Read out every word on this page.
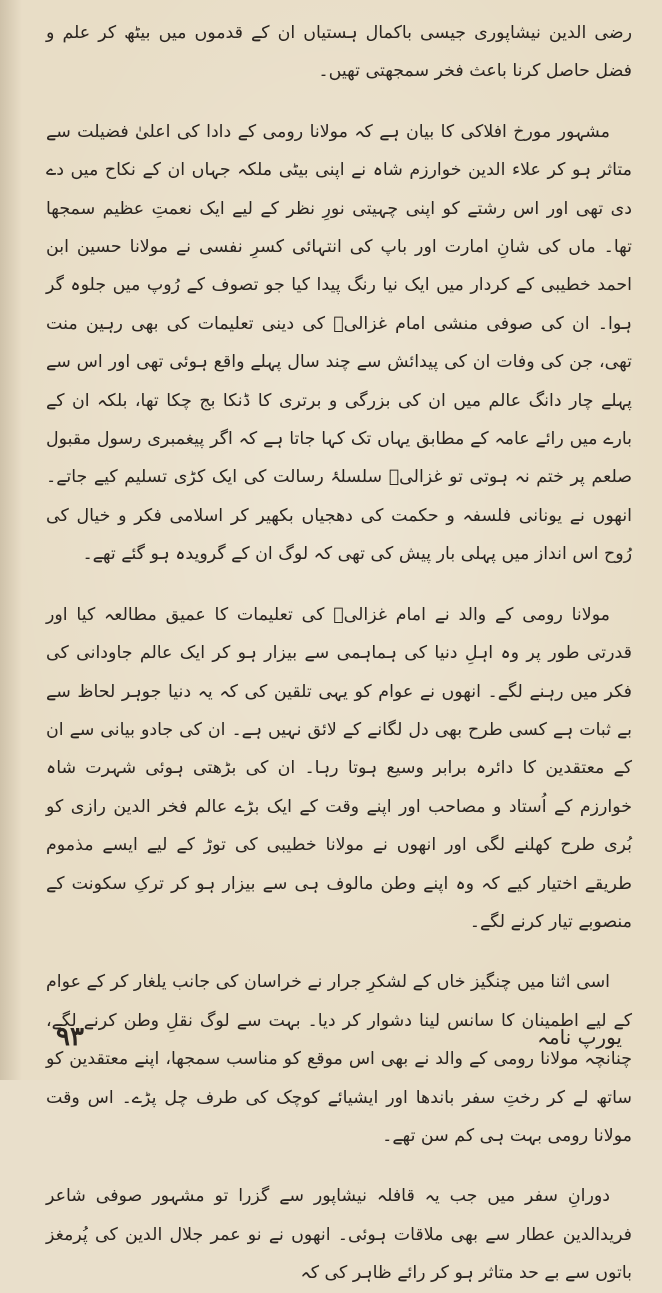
رضی الدین نیشاپوری جیسی باکمال ہستیاں ان کے قدموں میں بیٹھ کر علم و فضل حاصل کرنا باعث فخر سمجھتی تھیں۔

مشہور مورخ افلاکی کا بیان ہے کہ مولانا رومی کے دادا کی اعلیٰ فضیلت سے متاثر ہو کر علاء الدین خوارزم شاہ نے اپنی بیٹی ملکہ جہاں ان کے نکاح میں دے دی تھی اور اس رشتے کو اپنی چہیتی نورِ نظر کے لیے ایک نعمتِ عظیم سمجھا تھا۔ ماں کی شانِ امارت اور باپ کی انتہائی کسرِ نفسی نے مولانا حسین ابن احمد خطیبی کے کردار میں ایک نیا رنگ پیدا کیا جو تصوف کے رُوپ میں جلوہ گر ہوا۔ ان کی صوفی منشی امام غزالیؒ کی دینی تعلیمات کی بھی رہین منت تھی، جن کی وفات ان کی پیدائش سے چند سال پہلے واقع ہوئی تھی اور اس سے پہلے چار دانگ عالم میں ان کی بزرگی و برتری کا ڈنکا بج چکا تھا، بلکہ ان کے بارے میں رائے عامہ کے مطابق یہاں تک کہا جاتا ہے کہ اگر پیغمبری رسول مقبول صلعم پر ختم نہ ہوتی تو غزالیؒ سلسلۂ رسالت کی ایک کڑی تسلیم کیے جاتے۔ انھوں نے یونانی فلسفہ و حکمت کی دھجیاں بکھیر کر اسلامی فکر و خیال کی رُوح اس انداز میں پہلی بار پیش کی تھی کہ لوگ ان کے گرویدہ ہو گئے تھے۔

مولانا رومی کے والد نے امام غزالیؒ کی تعلیمات کا عمیق مطالعہ کیا اور قدرتی طور پر وہ اہلِ دنیا کی ہماہمی سے بیزار ہو کر ایک عالم جاودانی کی فکر میں رہنے لگے۔ انھوں نے عوام کو یہی تلقین کی کہ یہ دنیا جوہر لحاظ سے بے ثبات ہے کسی طرح بھی دل لگانے کے لائق نہیں ہے۔ ان کی جادو بیانی سے ان کے معتقدین کا دائرہ برابر وسیع ہوتا رہا۔ ان کی بڑھتی ہوئی شہرت شاہ خوارزم کے اُستاد و مصاحب اور اپنے وقت کے ایک بڑے عالم فخر الدین رازی کو بُری طرح کھلنے لگی اور انھوں نے مولانا خطیبی کی توڑ کے لیے ایسے مذموم طریقے اختیار کیے کہ وہ اپنے وطن مالوف ہی سے بیزار ہو کر ترکِ سکونت کے منصوبے تیار کرنے لگے۔

اسی اثنا میں چنگیز خاں کے لشکرِ جرار نے خراسان کی جانب یلغار کر کے عوام کے لیے اطمینان کا سانس لینا دشوار کر دیا۔ بہت سے لوگ نقلِ وطن کرنے لگے، چنانچہ مولانا رومی کے والد نے بھی اس موقع کو مناسب سمجھا، اپنے معتقدین کو ساتھ لے کر رختِ سفر باندھا اور ایشیائے کوچک کی طرف چل پڑے۔ اس وقت مولانا رومی بہت ہی کم سن تھے۔

دورانِ سفر میں جب یہ قافلہ نیشاپور سے گزرا تو مشہور صوفی شاعر فریدالدین عطار سے بھی ملاقات ہوئی۔ انھوں نے نو عمر جلال الدین کی پُرمغز باتوں سے بے حد متاثر ہو کر رائے ظاہر کی کہ

۹۳	یورپ نامہ
